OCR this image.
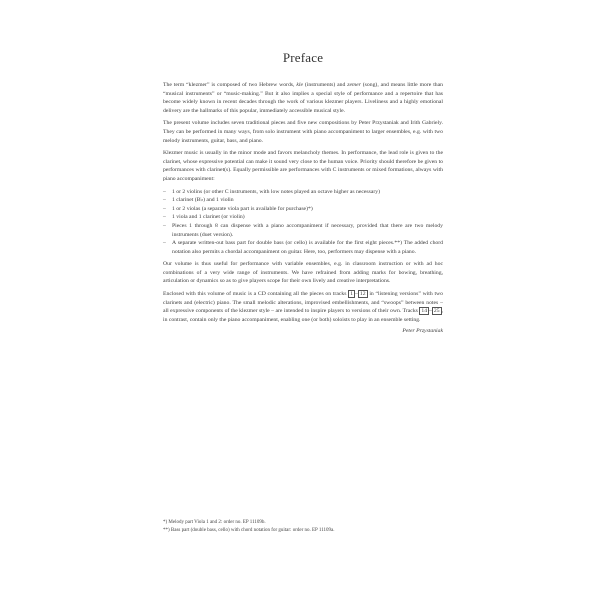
Preface

The term “klezmer” is composed of two Hebrew words, kle (instruments) and zemer (song), and means little more than “musical instruments” or “music-making.” But it also implies a special style of performance and a repertoire that has become widely known in recent decades through the work of various klezmer players. Liveliness and a highly emotional delivery are the hallmarks of this popular, immediately accessible musical style.

The present volume includes seven traditional pieces and five new compositions by Peter Przystaniak and Irith Gabriely. They can be performed in many ways, from solo instrument with piano accompaniment to larger ensembles, e.g. with two melody instruments, guitar, bass, and piano.

Klezmer music is usually in the minor mode and favors melancholy themes. In performance, the lead role is given to the clarinet, whose expressive potential can make it sound very close to the human voice. Priority should therefore be given to performances with clarinet(s). Equally permissible are performances with C instruments or mixed formations, always with piano accompaniment:

– 1 or 2 violins (or other C instruments, with low notes played an octave higher as necessary)
– 1 clarinet (B♭) and 1 violin
– 1 or 2 violas (a separate viola part is available for purchase)*)
– 1 viola and 1 clarinet (or violin)
– Pieces 1 through 8 can dispense with a piano accompaniment if necessary, provided that there are two melody instruments (duet version).
– A separate written-out bass part for double bass (or cello) is available for the first eight pieces.**) The added chord notation also permits a chordal accompaniment on guitar. Here, too, performers may dispense with a piano.

Our volume is thus useful for performance with variable ensembles, e.g. in classroom instruction or with ad hoc combinations of a very wide range of instruments. We have refrained from adding marks for bowing, breathing, articulation or dynamics so as to give players scope for their own lively and creative interpretations.

Enclosed with this volume of music is a CD containing all the pieces on tracks 1 – 12 in “listening versions” with two clarinets and (electric) piano. The small melodic alterations, improvised embellishments, and “swoops” between notes – all expressive components of the klezmer style – are intended to inspire players to versions of their own. Tracks 14 – 25 , in contrast, contain only the piano accompaniment, enabling one (or both) soloists to play in an ensemble setting.

Peter Przystaniak
*) Melody part Viola 1 and 2: order no. EP 11109b.
**) Bass part (double bass, cello) with chord notation for guitar: order no. EP 11109a.
